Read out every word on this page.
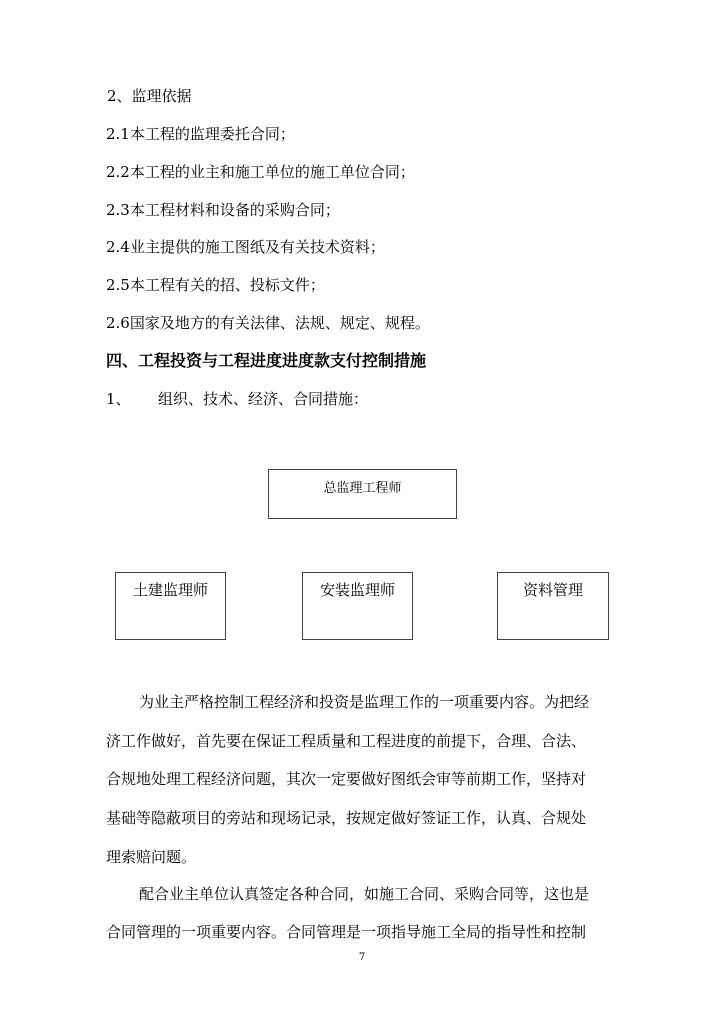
2、监理依据
2.1本工程的监理委托合同；
2.2本工程的业主和施工单位的施工单位合同；
2.3本工程材料和设备的采购合同；
2.4业主提供的施工图纸及有关技术资料；
2.5本工程有关的招、投标文件；
2.6国家及地方的有关法律、法规、规定、规程。
四、工程投资与工程进度进度款支付控制措施
1、 组织、技术、经济、合同措施：
总监理工程师
土建监理师	安装监理师	资料管理
为业主严格控制工程经济和投资是监理工作的一项重要内容。为把经
济工作做好，首先要在保证工程质量和工程进度的前提下，合理、合法、
合规地处理工程经济问题，其次一定要做好图纸会审等前期工作，坚持对
基础等隐蔽项目的旁站和现场记录，按规定做好签证工作，认真、合规处
理索赔问题。
配合业主单位认真签定各种合同，如施工合同、采购合同等，这也是
合同管理的一项重要内容。合同管理是一项指导施工全局的指导性和控制
7
